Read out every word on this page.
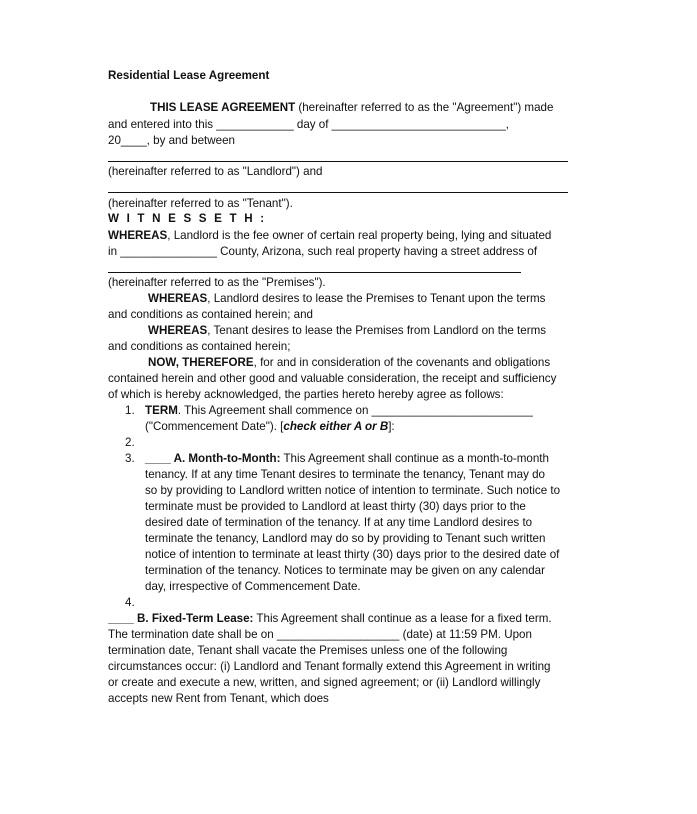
Residential Lease Agreement
THIS LEASE AGREEMENT (hereinafter referred to as the "Agreement") made
and entered into this ____________ day of ___________________________,
20____, by and between
(hereinafter referred to as "Landlord") and
(hereinafter referred to as "Tenant").
W I T N E S S E T H :
WHEREAS, Landlord is the fee owner of certain real property being, lying and situated
in _______________ County, Arizona, such real property having a street address of
(hereinafter referred to as the "Premises").
WHEREAS, Landlord desires to lease the Premises to Tenant upon the terms
and conditions as contained herein; and
WHEREAS, Tenant desires to lease the Premises from Landlord on the terms
and conditions as contained herein;
NOW, THEREFORE, for and in consideration of the covenants and obligations
contained herein and other good and valuable consideration, the receipt and sufficiency
of which is hereby acknowledged, the parties hereto hereby agree as follows:
1. TERM. This Agreement shall commence on _________________________
("Commencement Date"). [check either A or B]:
2.
3. ____ A. Month-to-Month: This Agreement shall continue as a month-to-month
tenancy. If at any time Tenant desires to terminate the tenancy, Tenant may do
so by providing to Landlord written notice of intention to terminate. Such notice to
terminate must be provided to Landlord at least thirty (30) days prior to the
desired date of termination of the tenancy. If at any time Landlord desires to
terminate the tenancy, Landlord may do so by providing to Tenant such written
notice of intention to terminate at least thirty (30) days prior to the desired date of
termination of the tenancy. Notices to terminate may be given on any calendar
day, irrespective of Commencement Date.
4.
____ B. Fixed-Term Lease: This Agreement shall continue as a lease for a fixed term.
The termination date shall be on ___________________ (date) at 11:59 PM. Upon
termination date, Tenant shall vacate the Premises unless one of the following
circumstances occur: (i) Landlord and Tenant formally extend this Agreement in writing
or create and execute a new, written, and signed agreement; or (ii) Landlord willingly
accepts new Rent from Tenant, which does
